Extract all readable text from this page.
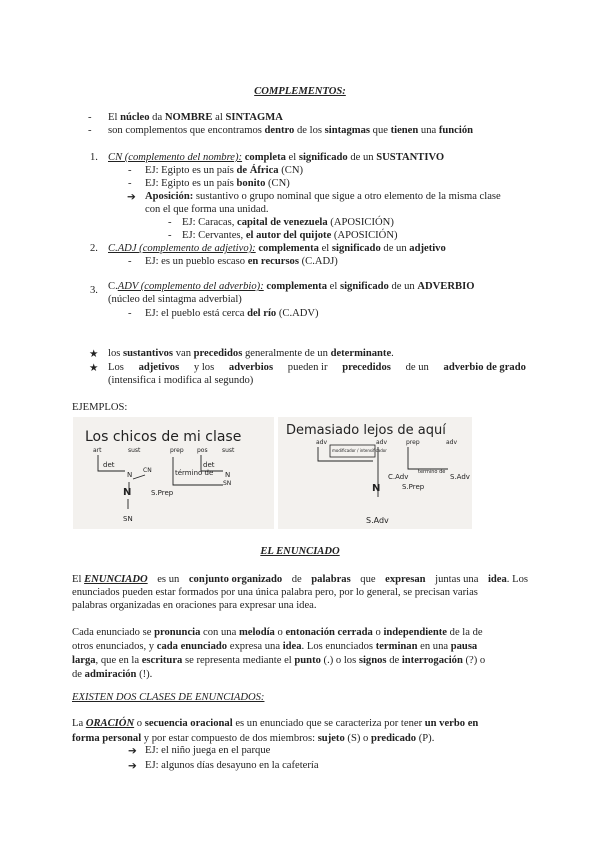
COMPLEMENTOS:
- El núcleo da NOMBRE al SINTAGMA
- son complementos que encontramos dentro de los sintagmas que tienen una función
1. CN (complemento del nombre): completa el significado de un SUSTANTIVO
- EJ: Egipto es un país de África (CN)
- EJ: Egipto es un país bonito (CN)
➔ Aposición: sustantivo o grupo nominal que sigue a otro elemento de la misma clase
con el que forma una unidad.
- EJ: Caracas, capital de venezuela (APOSICIÓN)
- EJ: Cervantes, el autor del quijote (APOSICIÓN)
2. C.ADJ (complemento de adjetivo): complementa el significado de un adjetivo
- EJ: es un pueblo escaso en recursos (C.ADJ)
3. C.ADV (complemento del adverbio): complementa el significado de un ADVERBIO
(núcleo del sintagma adverbial)
- EJ: el pueblo está cerca del río (C.ADV)
★ los sustantivos van precedidos generalmente de un determinante.
★ Los adjetivos y los adverbios pueden ir precedidos de un adverbio de grado
(intensifica i modifica al segundo)
EJEMPLOS:
Los chicos de mi clase
art	sust	prep pos sust
det	det
N	N
CN	término de
SN
N	S.Prep
SN
Demasiado lejos de aquí
adv	adv	prep	adv
modificador / intensificador
término de
C.Adv	S.Adv
N	S.Prep
S.Adv
EL ENUNCIADO
El ENUNCIADO es un conjunto organizado de palabras que expresan juntas una idea. Los
enunciados pueden estar formados por una única palabra pero, por lo general, se precisan varias
palabras organizadas en oraciones para expresar una idea.
Cada enunciado se pronuncia con una melodía o entonación cerrada o independiente de la de
otros enunciados, y cada enunciado expresa una idea. Los enunciados terminan en una pausa
larga, que en la escritura se representa mediante el punto (.) o los signos de interrogación (?) o
de admiración (!).
EXISTEN DOS CLASES DE ENUNCIADOS:
La ORACIÓN o secuencia oracional es un enunciado que se caracteriza por tener un verbo en
forma personal y por estar compuesto de dos miembros: sujeto (S) o predicado (P).
➔ EJ: el niño juega en el parque
➔ EJ: algunos días desayuno en la cafetería
